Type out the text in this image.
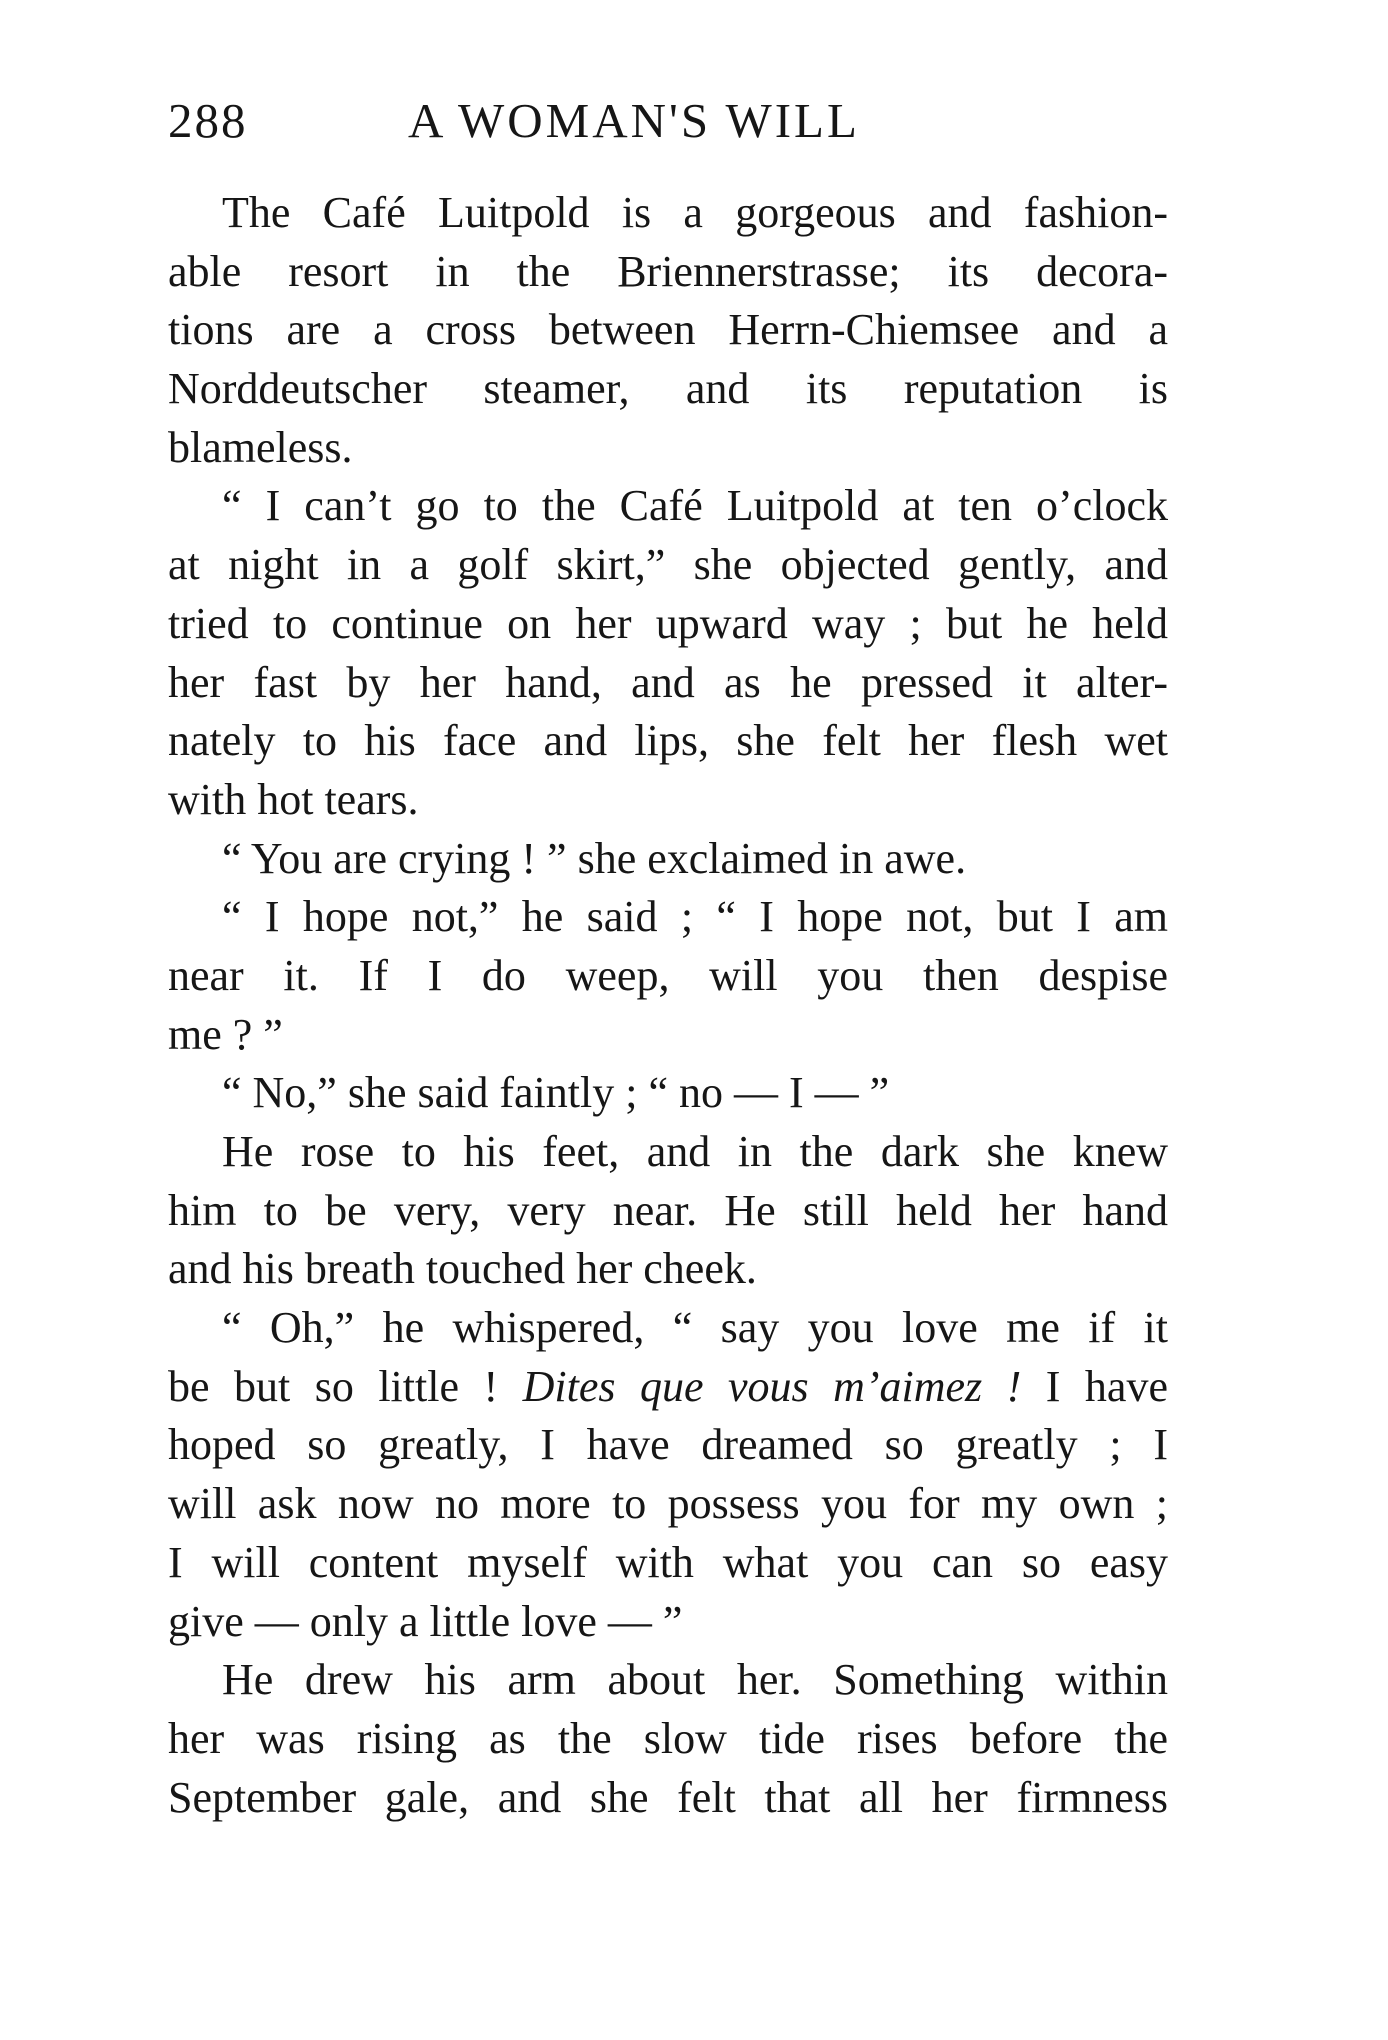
288	A WOMAN'S WILL
The Café Luitpold is a gorgeous and fashion-
able resort in the Briennerstrasse; its decora-
tions are a cross between Herrn-Chiemsee and a
Norddeutscher steamer, and its reputation is
blameless.
“ I can’t go to the Café Luitpold at ten o’clock
at night in a golf skirt,” she objected gently, and
tried to continue on her upward way ; but he held
her fast by her hand, and as he pressed it alter-
nately to his face and lips, she felt her flesh wet
with hot tears.
“ You are crying ! ” she exclaimed in awe.
“ I hope not,” he said ; “ I hope not, but I am
near it. If I do weep, will you then despise
me ? ”
“ No,” she said faintly ; “ no — I — ”
He rose to his feet, and in the dark she knew
him to be very, very near. He still held her hand
and his breath touched her cheek.
“ Oh,” he whispered, “ say you love me if it
be but so little ! Dites que vous m’aimez ! I have
hoped so greatly, I have dreamed so greatly ; I
will ask now no more to possess you for my own ;
I will content myself with what you can so easy
give — only a little love — ”
He drew his arm about her. Something within
her was rising as the slow tide rises before the
September gale, and she felt that all her firmness
